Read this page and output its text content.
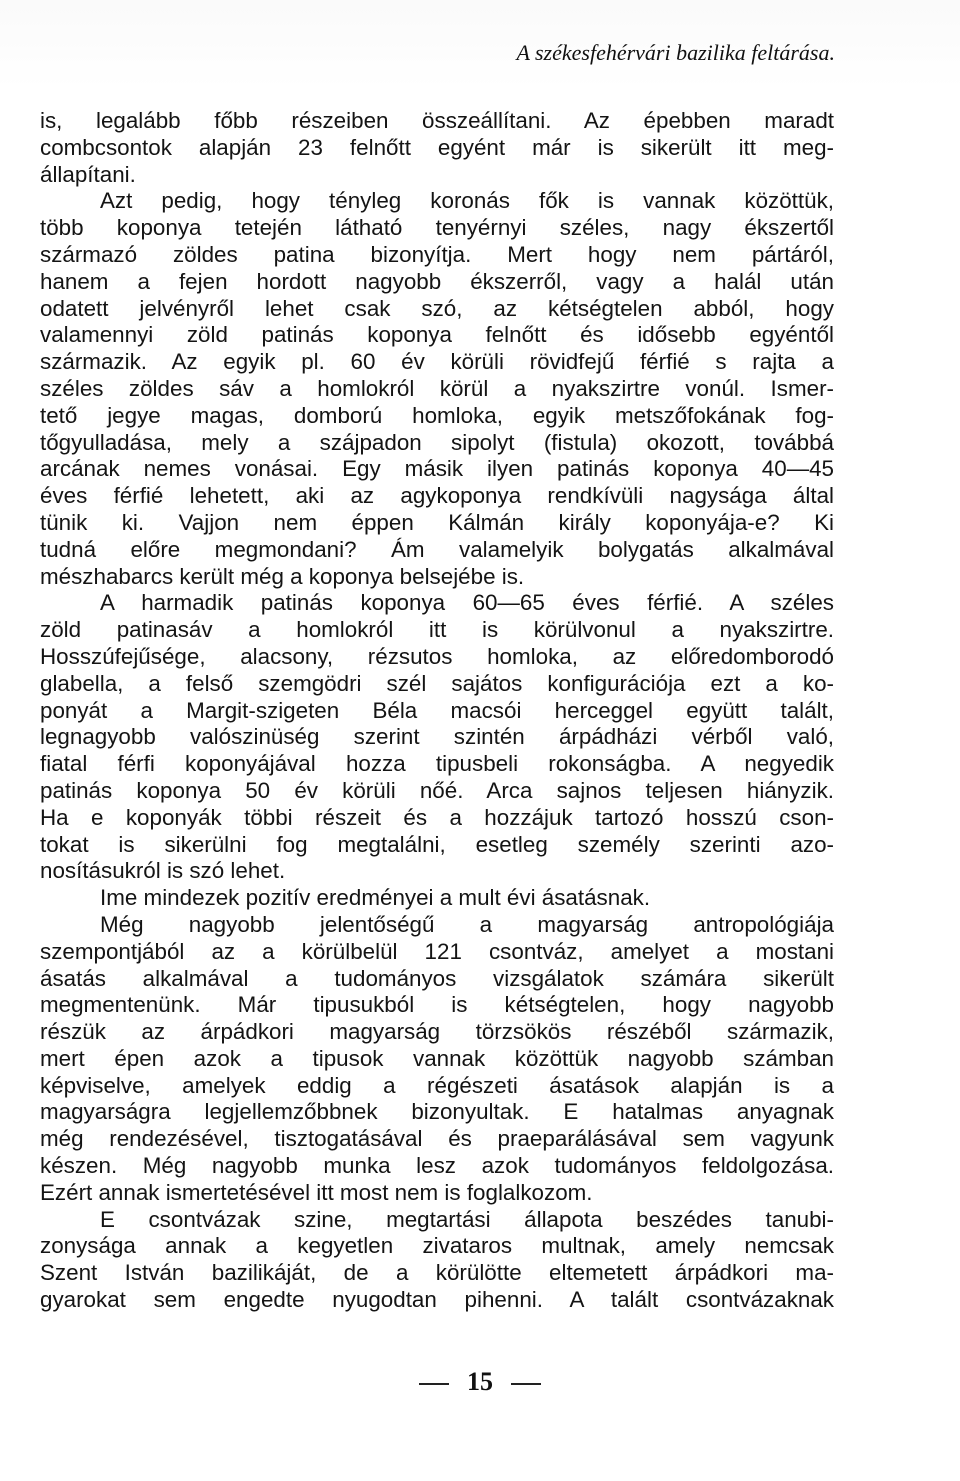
A székesfehérvári bazilika feltárása.
is, legalább főbb részeiben összeállítani. Az épebben maradt
combcsontok alapján 23 felnőtt egyént már is sikerült itt meg-
állapítani.
Azt pedig, hogy tényleg koronás fők is vannak közöttük,
több koponya tetején látható tenyérnyi széles, nagy ékszertől
származó zöldes patina bizonyítja. Mert hogy nem pártáról,
hanem a fejen hordott nagyobb ékszerről, vagy a halál után
odatett jelvényről lehet csak szó, az kétségtelen abból, hogy
valamennyi zöld patinás koponya felnőtt és idősebb egyéntől
származik. Az egyik pl. 60 év körüli rövidfejű férfié s rajta a
széles zöldes sáv a homlokról körül a nyakszirtre vonúl. Ismer-
tető jegye magas, domború homloka, egyik metszőfokának fog-
tőgyulladása, mely a szájpadon sipolyt (fistula) okozott, továbbá
arcának nemes vonásai. Egy másik ilyen patinás koponya 40—45
éves férfié lehetett, aki az agykoponya rendkívüli nagysága által
tünik ki. Vajjon nem éppen Kálmán király koponyája-e? Ki
tudná előre megmondani? Ám valamelyik bolygatás alkalmával
mészhabarcs került még a koponya belsejébe is.
A harmadik patinás koponya 60—65 éves férfié. A széles
zöld patinasáv a homlokról itt is körülvonul a nyakszirtre.
Hosszúfejűsége, alacsony, rézsutos homloka, az előredomborodó
glabella, a felső szemgödri szél sajátos konfigurációja ezt a ko-
ponyát a Margit-szigeten Béla macsói herceggel együtt talált,
legnagyobb valószinüség szerint szintén árpádházi vérből való,
fiatal férfi koponyájával hozza tipusbeli rokonságba. A negyedik
patinás koponya 50 év körüli nőé. Arca sajnos teljesen hiányzik.
Ha e koponyák többi részeit és a hozzájuk tartozó hosszú cson-
tokat is sikerülni fog megtalálni, esetleg személy szerinti azo-
nosításukról is szó lehet.
Ime mindezek pozitív eredményei a mult évi ásatásnak.
Még nagyobb jelentőségű a magyarság antropológiája
szempontjából az a körülbelül 121 csontváz, amelyet a mostani
ásatás alkalmával a tudományos vizsgálatok számára sikerült
megmentenünk. Már tipusukból is kétségtelen, hogy nagyobb
részük az árpádkori magyarság törzsökös részéből származik,
mert épen azok a tipusok vannak közöttük nagyobb számban
képviselve, amelyek eddig a régészeti ásatások alapján is a
magyarságra legjellemzőbbnek bizonyultak. E hatalmas anyagnak
még rendezésével, tisztogatásával és praeparálásával sem vagyunk
készen. Még nagyobb munka lesz azok tudományos feldolgozása.
Ezért annak ismertetésével itt most nem is foglalkozom.
E csontvázak szine, megtartási állapota beszédes tanubi-
zonysága annak a kegyetlen zivataros multnak, amely nemcsak
Szent István bazilikáját, de a körülötte eltemetett árpádkori ma-
gyarokat sem engedte nyugodtan pihenni. A talált csontvázaknak
15
